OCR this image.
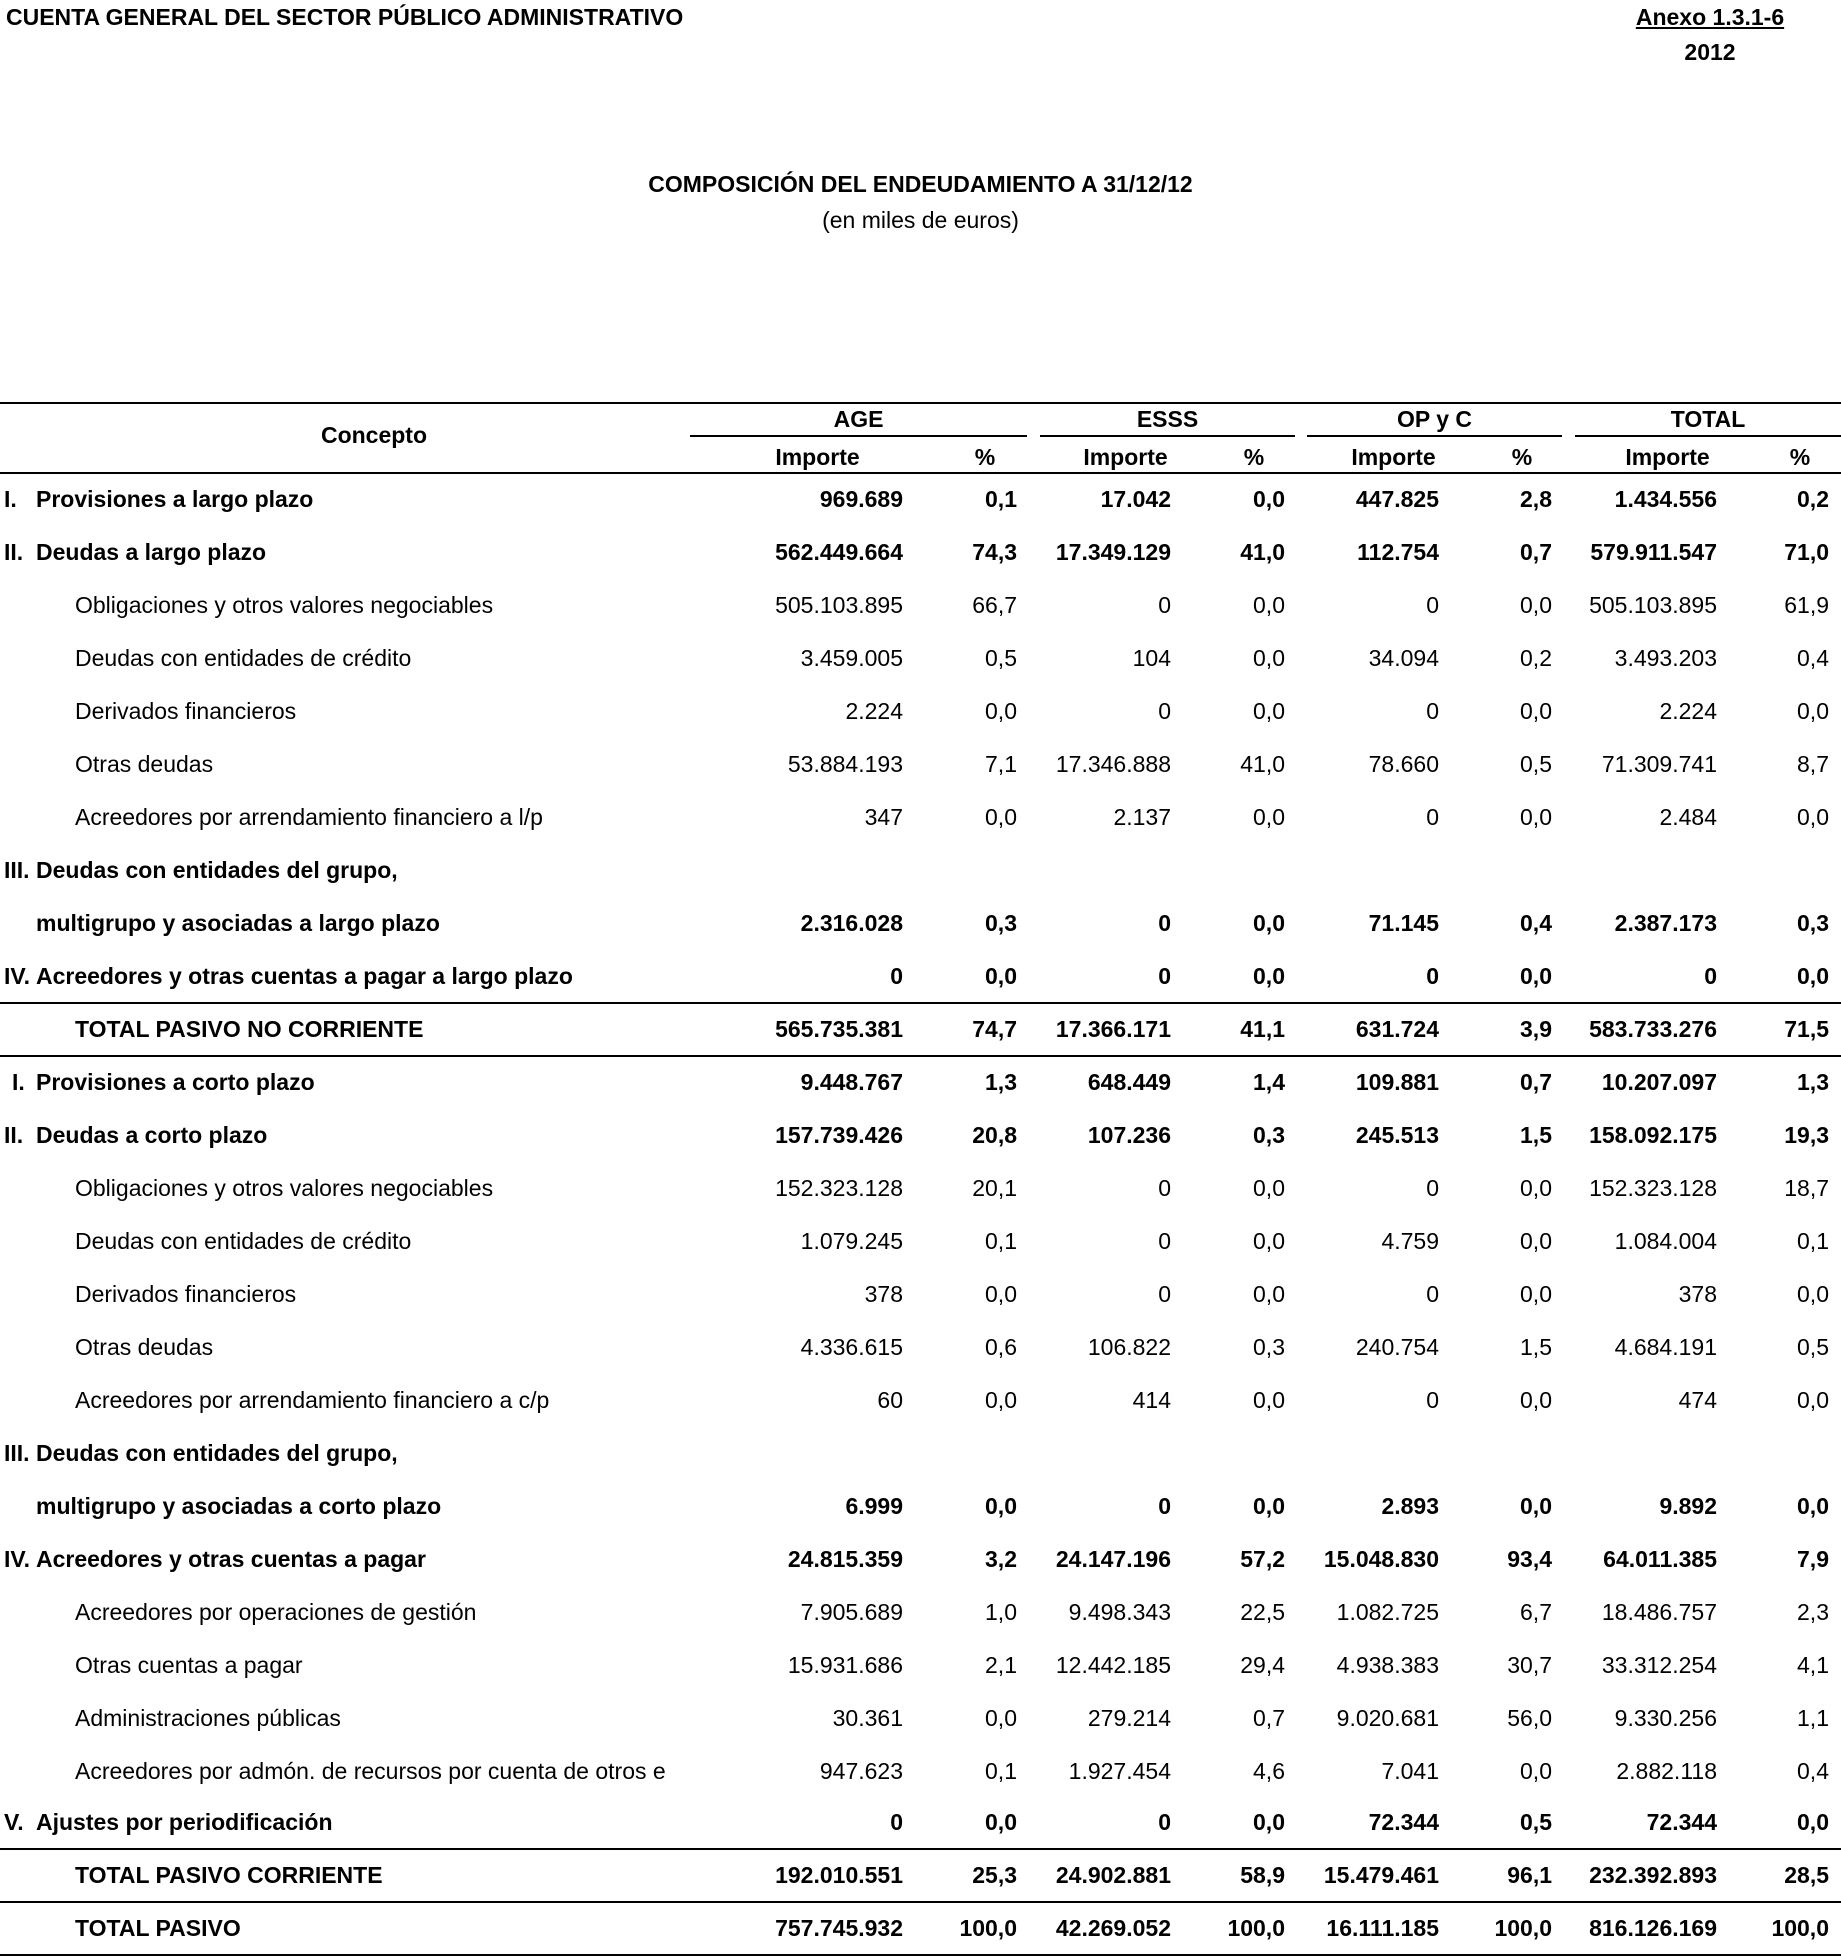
CUENTA GENERAL DEL SECTOR PÚBLICO ADMINISTRATIVO	Anexo 1.3.1-6
2012
COMPOSICIÓN DEL ENDEUDAMIENTO A 31/12/12
(en miles de euros)
Concepto
AGE	ESSS	OP y C	TOTAL
Importe	%	Importe	%	Importe	%	Importe	%
I. Provisiones a largo plazo	969.689	0,1	17.042	0,0	447.825	2,8	1.434.556	0,2
II. Deudas a largo plazo	562.449.664	74,3 17.349.129	41,0	112.754	0,7 579.911.547	71,0
Obligaciones y otros valores negociables	505.103.895	66,7	0	0,0	0	0,0 505.103.895	61,9
Deudas con entidades de crédito	3.459.005	0,5	104	0,0	34.094	0,2	3.493.203	0,4
Derivados financieros	2.224	0,0	0	0,0	0	0,0	2.224	0,0
Otras deudas	53.884.193	7,1 17.346.888	41,0	78.660	0,5 71.309.741	8,7
Acreedores por arrendamiento financiero a l/p	347	0,0	2.137	0,0	0	0,0	2.484	0,0
III. Deudas con entidades del grupo,
multigrupo y asociadas a largo plazo	2.316.028	0,3	0	0,0	71.145	0,4	2.387.173	0,3
IV. Acreedores y otras cuentas a pagar a largo plazo	0	0,0	0	0,0	0	0,0	0	0,0
TOTAL PASIVO NO CORRIENTE	565.735.381	74,7 17.366.171	41,1	631.724	3,9 583.733.276	71,5
I. Provisiones a corto plazo	9.448.767	1,3	648.449	1,4	109.881	0,7 10.207.097	1,3
II. Deudas a corto plazo	157.739.426	20,8	107.236	0,3	245.513	1,5 158.092.175	19,3
Obligaciones y otros valores negociables	152.323.128	20,1	0	0,0	0	0,0 152.323.128	18,7
Deudas con entidades de crédito	1.079.245	0,1	0	0,0	4.759	0,0	1.084.004	0,1
Derivados financieros	378	0,0	0	0,0	0	0,0	378	0,0
Otras deudas	4.336.615	0,6	106.822	0,3	240.754	1,5	4.684.191	0,5
Acreedores por arrendamiento financiero a c/p	60	0,0	414	0,0	0	0,0	474	0,0
III. Deudas con entidades del grupo,
multigrupo y asociadas a corto plazo	6.999	0,0	0	0,0	2.893	0,0	9.892	0,0
IV. Acreedores y otras cuentas a pagar	24.815.359	3,2 24.147.196	57,2 15.048.830	93,4 64.011.385	7,9
Acreedores por operaciones de gestión	7.905.689	1,0 9.498.343	22,5 1.082.725	6,7 18.486.757	2,3
Otras cuentas a pagar	15.931.686	2,1 12.442.185	29,4 4.938.383	30,7 33.312.254	4,1
Administraciones públicas	30.361	0,0	279.214	0,7 9.020.681	56,0	9.330.256	1,1
Acreedores por admón. de recursos por cuenta de otros e	947.623	0,1 1.927.454	4,6	7.041	0,0	2.882.118	0,4
V. Ajustes por periodificación	0	0,0	0	0,0	72.344	0,5	72.344	0,0
TOTAL PASIVO CORRIENTE	192.010.551	25,3 24.902.881	58,9 15.479.461	96,1 232.392.893	28,5
TOTAL PASIVO	757.745.932 100,0 42.269.052 100,0 16.111.185 100,0 816.126.169 100,0
